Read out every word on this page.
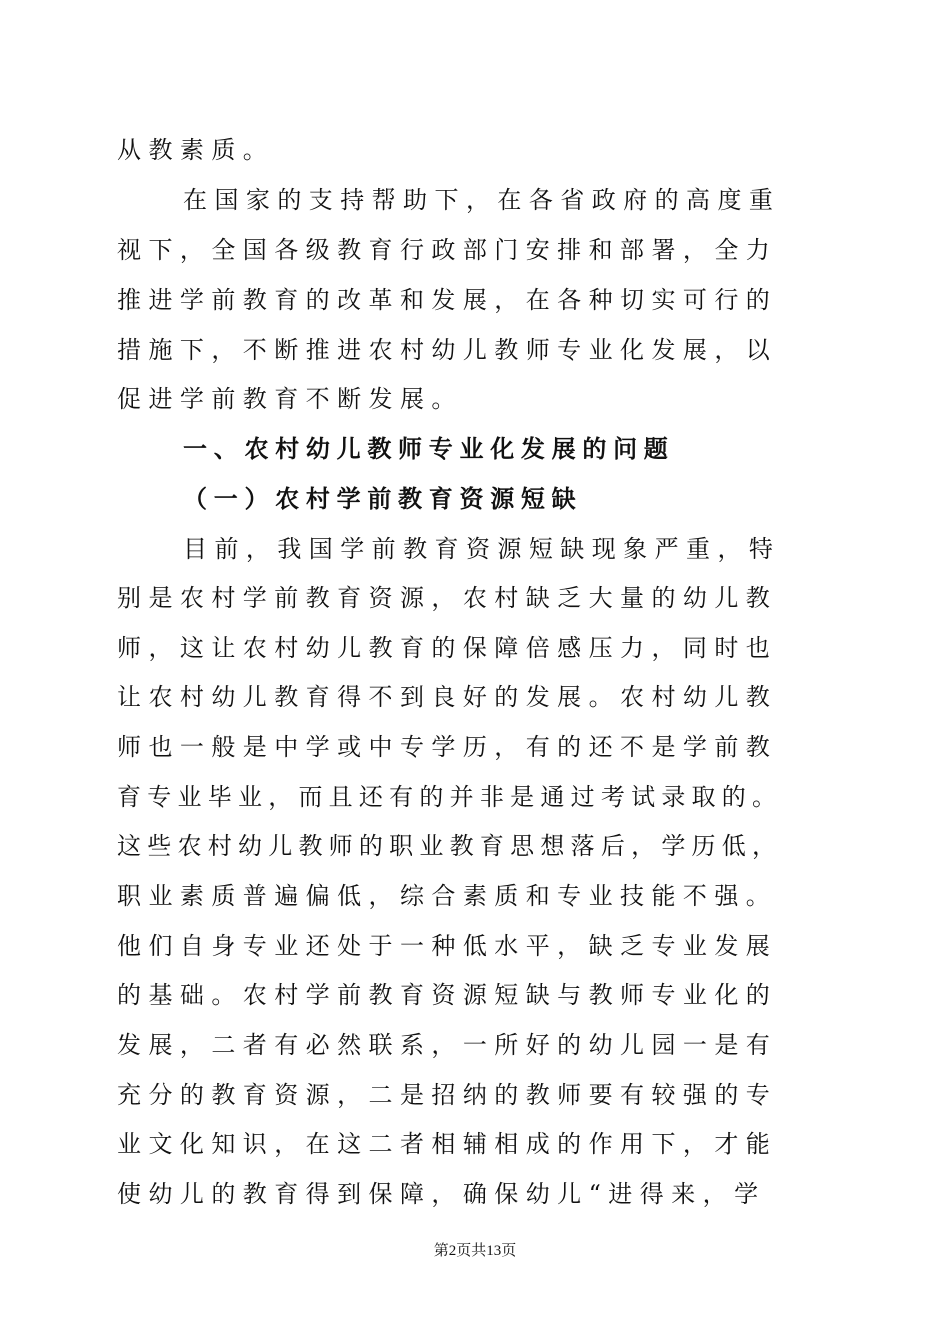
从教素质。
在国家的支持帮助下，在各省政府的高度重
视下，全国各级教育行政部门安排和部署，全力
推进学前教育的改革和发展，在各种切实可行的
措施下，不断推进农村幼儿教师专业化发展，以
促进学前教育不断发展。
一、农村幼儿教师专业化发展的问题
（一）农村学前教育资源短缺
目前，我国学前教育资源短缺现象严重，特
别是农村学前教育资源，农村缺乏大量的幼儿教
师，这让农村幼儿教育的保障倍感压力，同时也
让农村幼儿教育得不到良好的发展。农村幼儿教
师也一般是中学或中专学历，有的还不是学前教
育专业毕业，而且还有的并非是通过考试录取的。
这些农村幼儿教师的职业教育思想落后，学历低，
职业素质普遍偏低，综合素质和专业技能不强。
他们自身专业还处于一种低水平，缺乏专业发展
的基础。农村学前教育资源短缺与教师专业化的
发展，二者有必然联系，一所好的幼儿园一是有
充分的教育资源，二是招纳的教师要有较强的专
业文化知识，在这二者相辅相成的作用下，才能
使幼儿的教育得到保障，确保幼儿“进得来，学
第2页共13页
